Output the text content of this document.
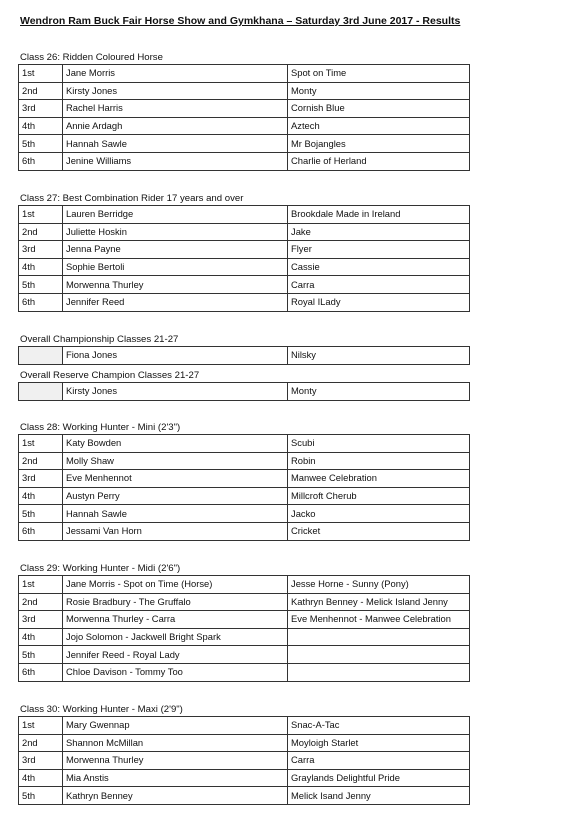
Wendron Ram Buck Fair Horse Show and Gymkhana – Saturday 3rd June 2017 - Results
Class 26: Ridden Coloured Horse
1st	Jane Morris	Spot on Time
2nd	Kirsty Jones	Monty
3rd	Rachel Harris	Cornish Blue
4th	Annie Ardagh	Aztech
5th	Hannah Sawle	Mr Bojangles
6th	Jenine Williams	Charlie of Herland
Class 27: Best Combination Rider 17 years and over
1st	Lauren Berridge	Brookdale Made in Ireland
2nd	Juliette Hoskin	Jake
3rd	Jenna Payne	Flyer
4th	Sophie Bertoli	Cassie
5th	Morwenna Thurley	Carra
6th	Jennifer Reed	Royal ILady
Overall Championship Classes 21-27
	Fiona Jones	Nilsky
Overall Reserve Champion Classes 21-27
	Kirsty Jones	Monty
Class 28: Working Hunter - Mini (2'3")
1st	Katy Bowden	Scubi
2nd	Molly Shaw	Robin
3rd	Eve Menhennot	Manwee Celebration
4th	Austyn Perry	Millcroft Cherub
5th	Hannah Sawle	Jacko
6th	Jessami Van Horn	Cricket
Class 29: Working Hunter - Midi (2'6")
1st	Jane Morris - Spot on Time (Horse)	Jesse Horne - Sunny (Pony)
2nd	Rosie Bradbury - The Gruffalo	Kathryn Benney - Melick Island Jenny
3rd	Morwenna Thurley - Carra	Eve Menhennot - Manwee Celebration
4th	Jojo Solomon - Jackwell Bright Spark	
5th	Jennifer Reed - Royal Lady	
6th	Chloe Davison - Tommy Too	
Class 30: Working Hunter - Maxi (2'9")
1st	Mary Gwennap	Snac-A-Tac
2nd	Shannon McMillan	Moyloigh Starlet
3rd	Morwenna Thurley	Carra
4th	Mia Anstis	Graylands Delightful Pride
5th	Kathryn Benney	Melick Isand Jenny
